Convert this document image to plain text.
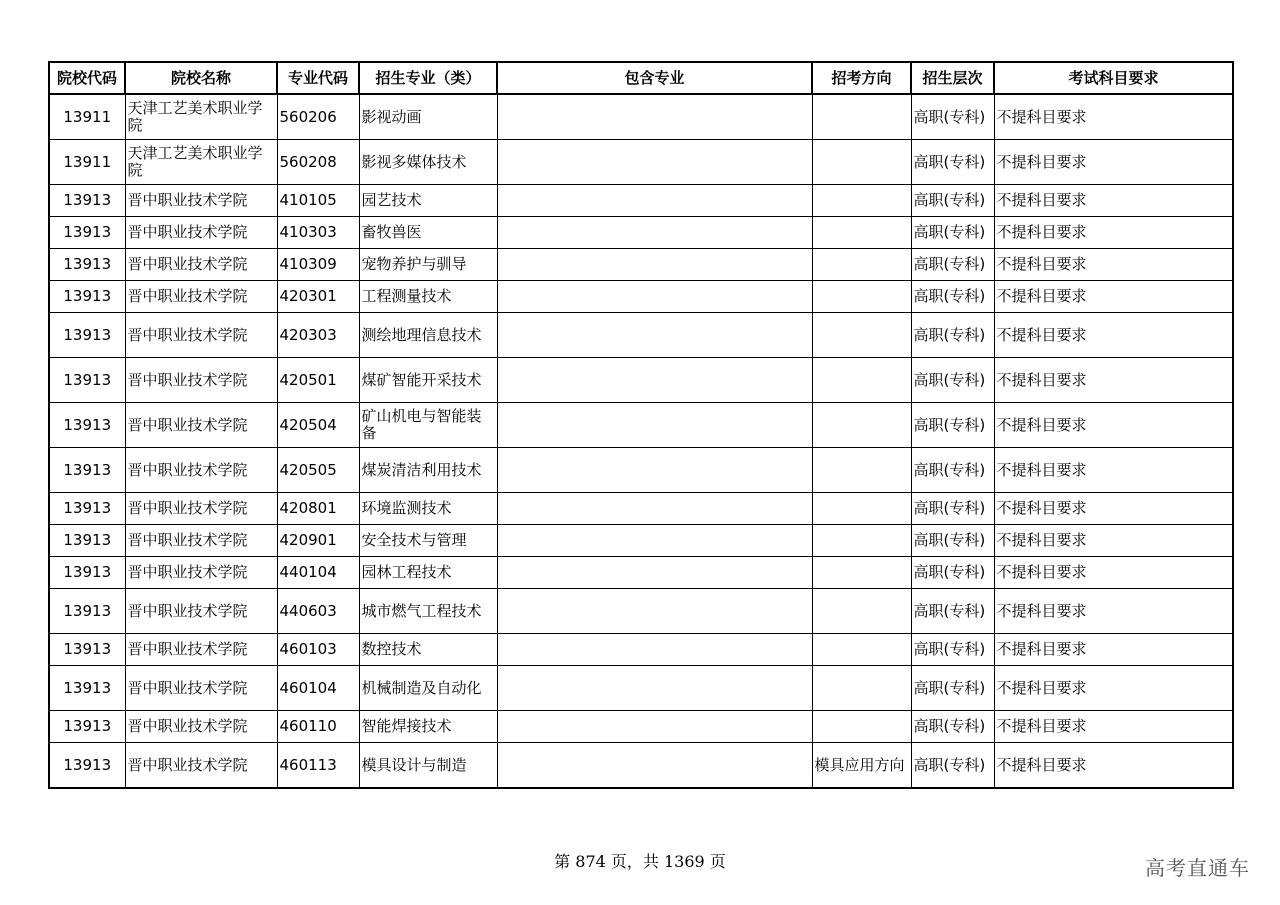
院校代码	院校名称	专业代码	招生专业（类）	包含专业	招考方向	招生层次	考试科目要求
13911	天津工艺美术职业学院	560206	影视动画			高职(专科)	不提科目要求
13911	天津工艺美术职业学院	560208	影视多媒体技术			高职(专科)	不提科目要求
13913	晋中职业技术学院	410105	园艺技术			高职(专科)	不提科目要求
13913	晋中职业技术学院	410303	畜牧兽医			高职(专科)	不提科目要求
13913	晋中职业技术学院	410309	宠物养护与驯导			高职(专科)	不提科目要求
13913	晋中职业技术学院	420301	工程测量技术			高职(专科)	不提科目要求
13913	晋中职业技术学院	420303	测绘地理信息技术			高职(专科)	不提科目要求
13913	晋中职业技术学院	420501	煤矿智能开采技术			高职(专科)	不提科目要求
13913	晋中职业技术学院	420504	矿山机电与智能装备			高职(专科)	不提科目要求
13913	晋中职业技术学院	420505	煤炭清洁利用技术			高职(专科)	不提科目要求
13913	晋中职业技术学院	420801	环境监测技术			高职(专科)	不提科目要求
13913	晋中职业技术学院	420901	安全技术与管理			高职(专科)	不提科目要求
13913	晋中职业技术学院	440104	园林工程技术			高职(专科)	不提科目要求
13913	晋中职业技术学院	440603	城市燃气工程技术			高职(专科)	不提科目要求
13913	晋中职业技术学院	460103	数控技术			高职(专科)	不提科目要求
13913	晋中职业技术学院	460104	机械制造及自动化			高职(专科)	不提科目要求
13913	晋中职业技术学院	460110	智能焊接技术			高职(专科)	不提科目要求
13913	晋中职业技术学院	460113	模具设计与制造		模具应用方向	高职(专科)	不提科目要求
第 874 页，共 1369 页	高考直通车
